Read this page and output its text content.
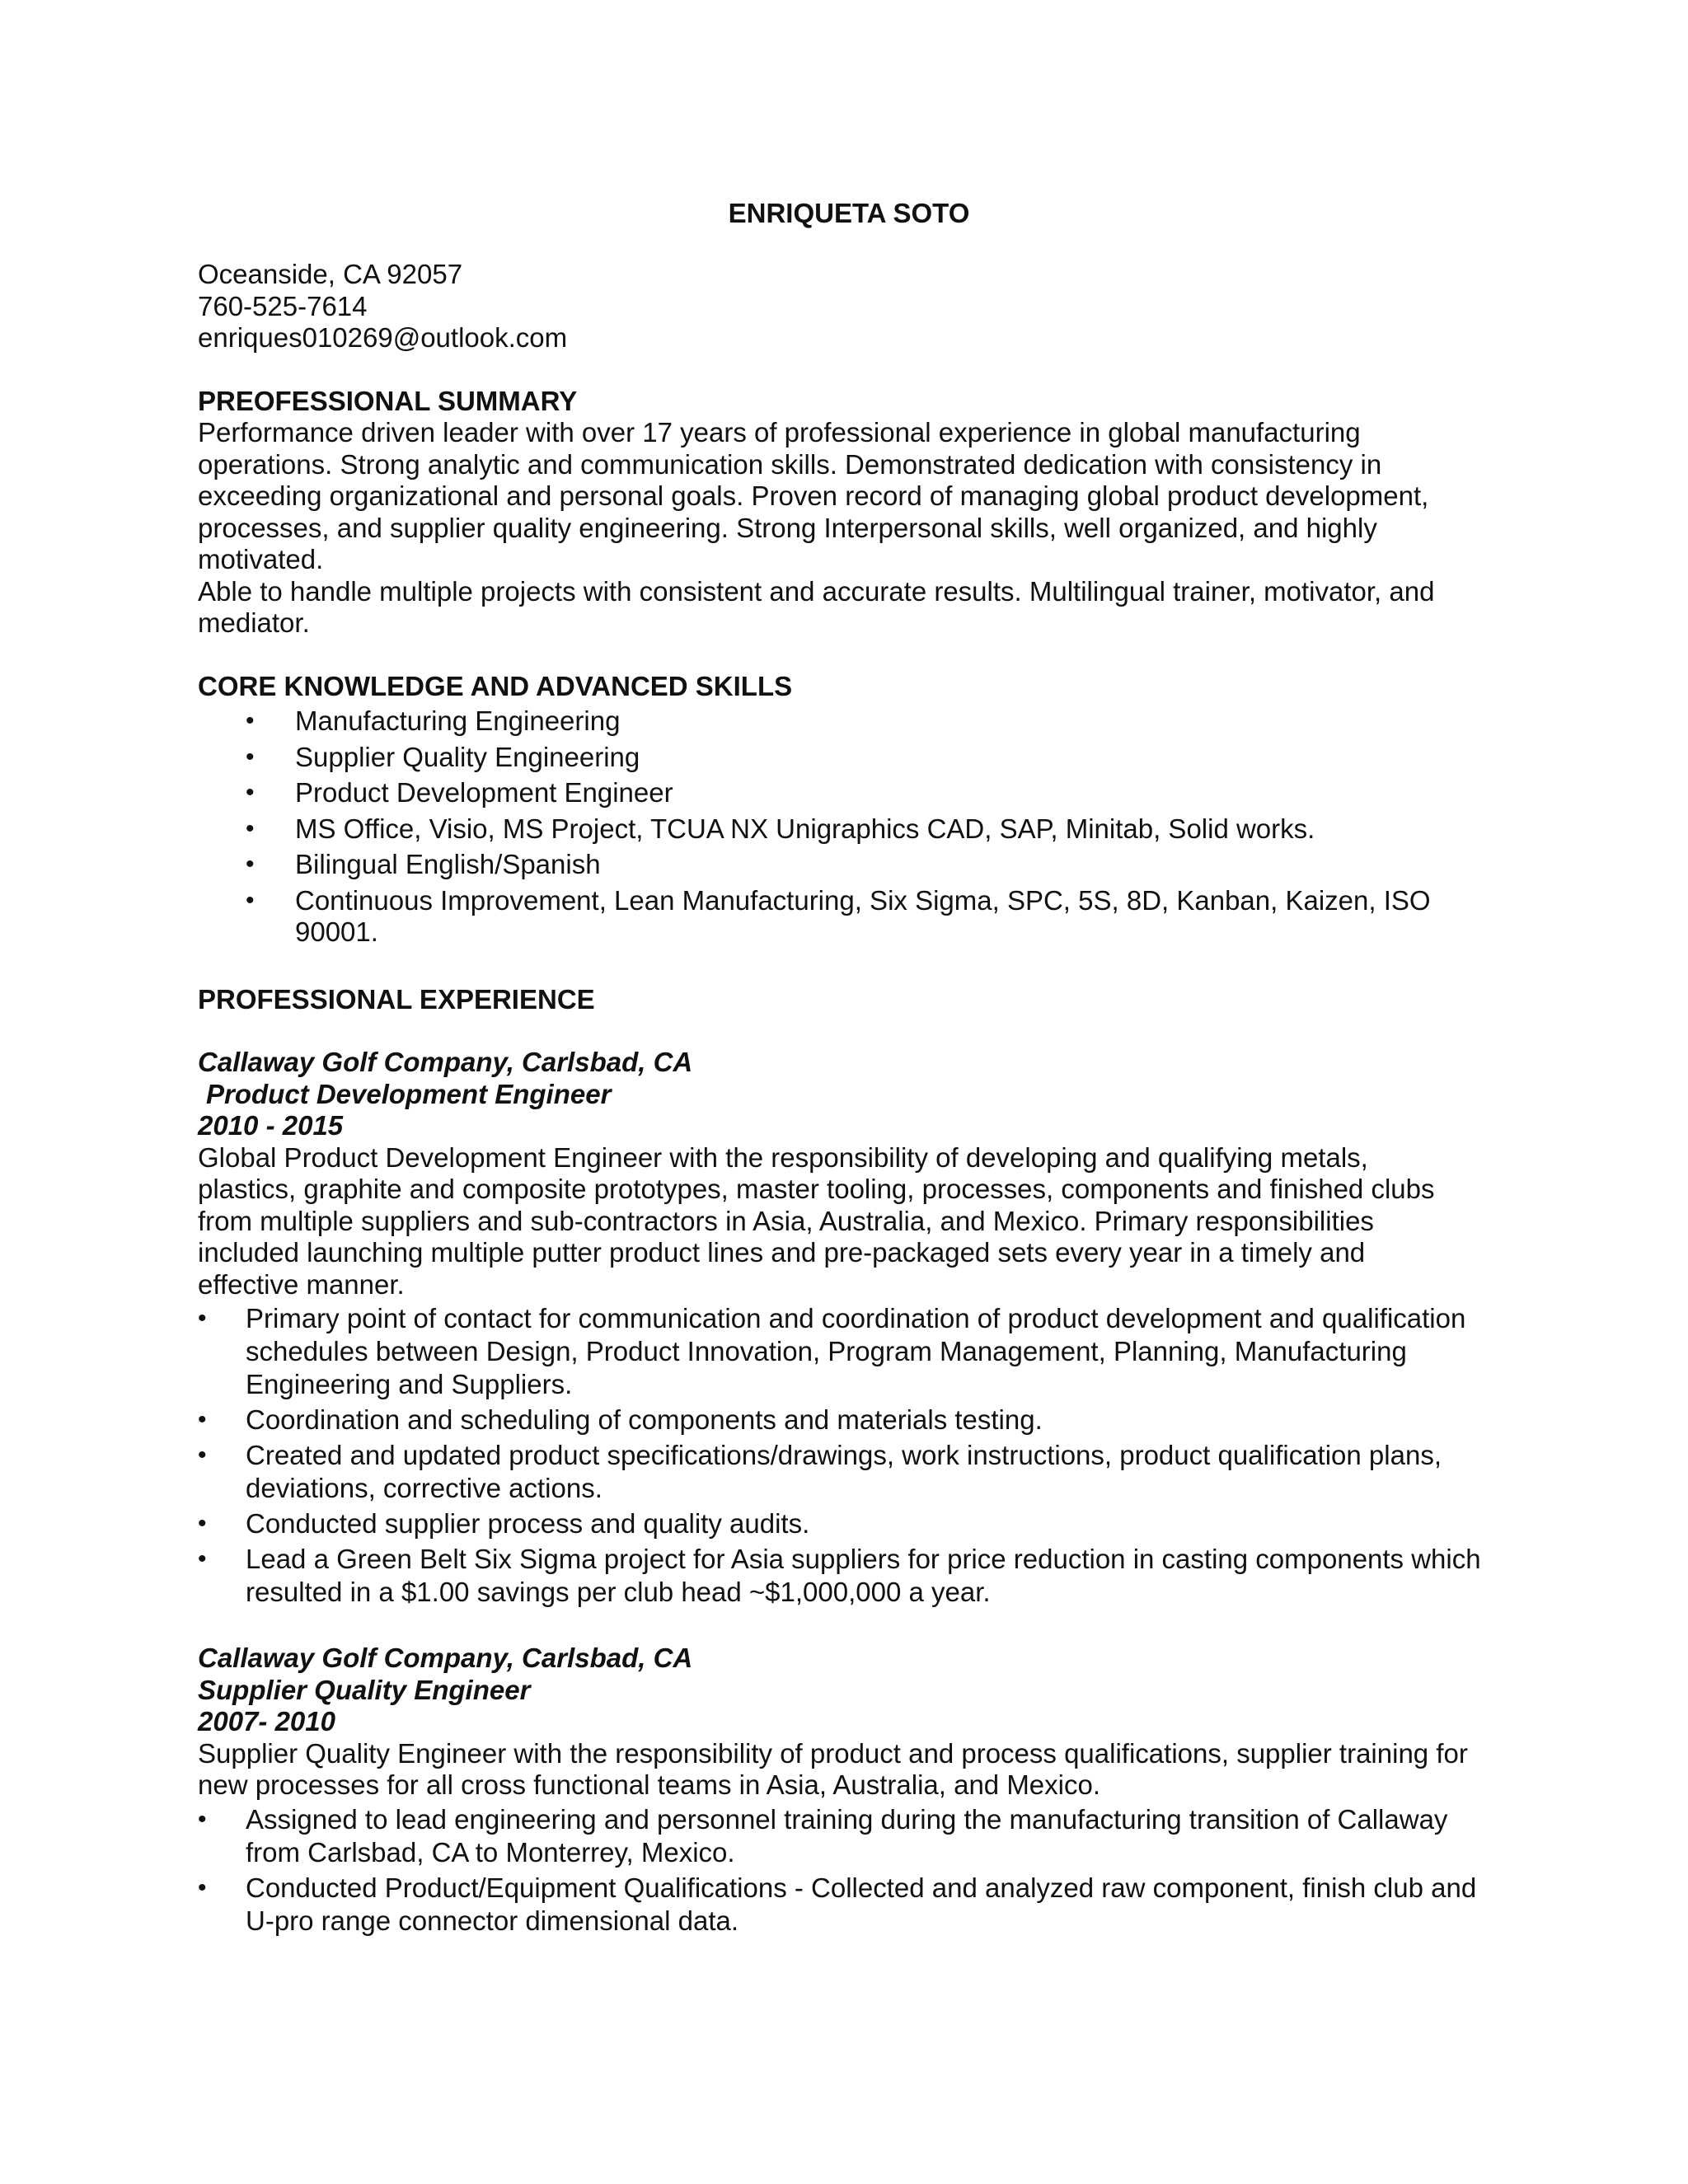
ENRIQUETA SOTO
Oceanside, CA 92057
760-525-7614
enriques010269@outlook.com
PREOFESSIONAL SUMMARY
Performance driven leader with over 17 years of professional experience in global manufacturing
operations. Strong analytic and communication skills. Demonstrated dedication with consistency in
exceeding organizational and personal goals. Proven record of managing global product development,
processes, and supplier quality engineering. Strong Interpersonal skills, well organized, and highly
motivated.
Able to handle multiple projects with consistent and accurate results. Multilingual trainer, motivator, and
mediator.
CORE KNOWLEDGE AND ADVANCED SKILLS
• Manufacturing Engineering
• Supplier Quality Engineering
• Product Development Engineer
• MS Office, Visio, MS Project, TCUA NX Unigraphics CAD, SAP, Minitab, Solid works.
• Bilingual English/Spanish
• Continuous Improvement, Lean Manufacturing, Six Sigma, SPC, 5S, 8D, Kanban, Kaizen, ISO 90001.
PROFESSIONAL EXPERIENCE
Callaway Golf Company, Carlsbad, CA
Product Development Engineer
2010 - 2015
Global Product Development Engineer with the responsibility of developing and qualifying metals,
plastics, graphite and composite prototypes, master tooling, processes, components and finished clubs
from multiple suppliers and sub-contractors in Asia, Australia, and Mexico. Primary responsibilities
included launching multiple putter product lines and pre-packaged sets every year in a timely and
effective manner.
• Primary point of contact for communication and coordination of product development and qualification schedules between Design, Product Innovation, Program Management, Planning, Manufacturing Engineering and Suppliers.
• Coordination and scheduling of components and materials testing.
• Created and updated product specifications/drawings, work instructions, product qualification plans, deviations, corrective actions.
• Conducted supplier process and quality audits.
• Lead a Green Belt Six Sigma project for Asia suppliers for price reduction in casting components which resulted in a $1.00 savings per club head ~$1,000,000 a year.
Callaway Golf Company, Carlsbad, CA
Supplier Quality Engineer
2007- 2010
Supplier Quality Engineer with the responsibility of product and process qualifications, supplier training for
new processes for all cross functional teams in Asia, Australia, and Mexico.
• Assigned to lead engineering and personnel training during the manufacturing transition of Callaway from Carlsbad, CA to Monterrey, Mexico.
• Conducted Product/Equipment Qualifications - Collected and analyzed raw component, finish club and U-pro range connector dimensional data.
